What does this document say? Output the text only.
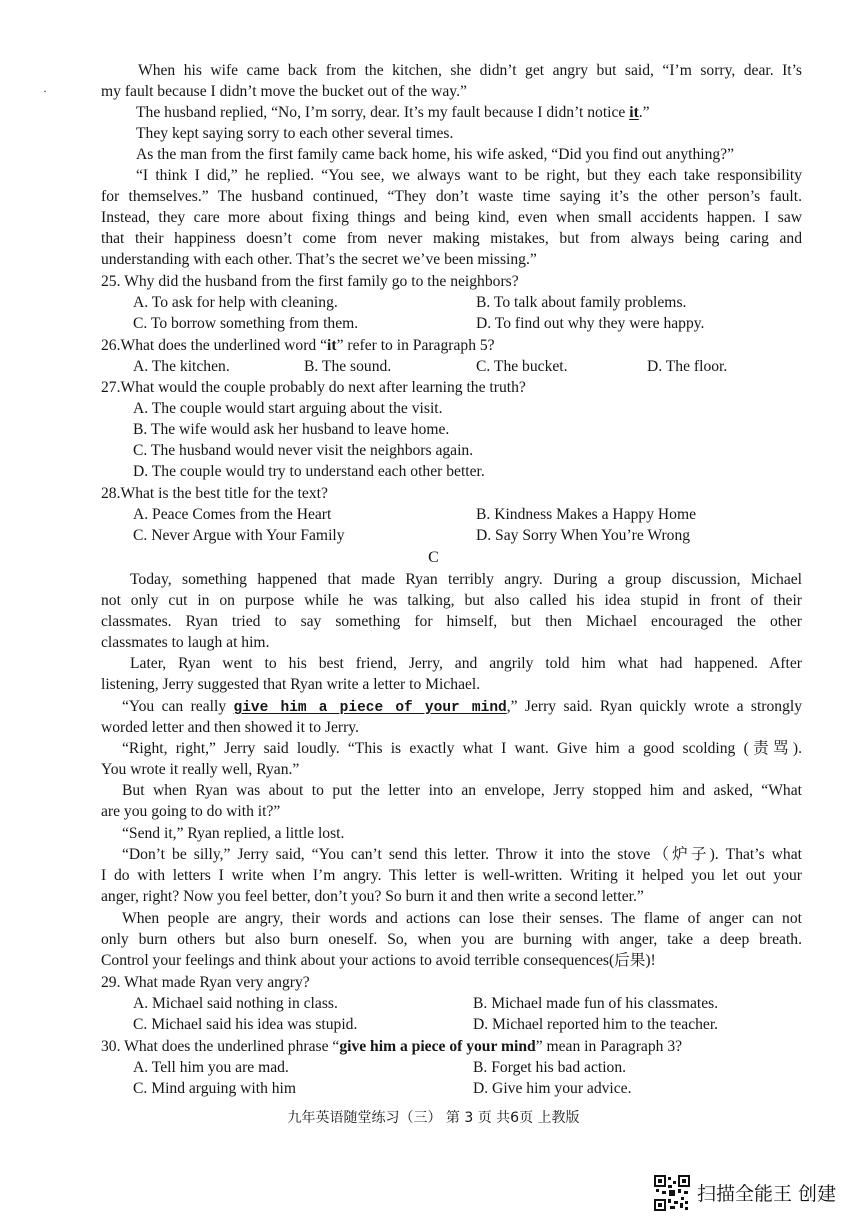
·
When his wife came back from the kitchen, she didn’t get angry but said, “I’m sorry, dear. It’s
my fault because I didn’t move the bucket out of the way.”
The husband replied, “No, I’m sorry, dear. It’s my fault because I didn’t notice it.”
They kept saying sorry to each other several times.
As the man from the first family came back home, his wife asked, “Did you find out anything?”
“I think I did,” he replied. “You see, we always want to be right, but they each take responsibility
for themselves.” The husband continued, “They don’t waste time saying it’s the other person’s fault.
Instead, they care more about fixing things and being kind, even when small accidents happen. I saw
that their happiness doesn’t come from never making mistakes, but from always being caring and
understanding with each other. That’s the secret we’ve been missing.”
25. Why did the husband from the first family go to the neighbors?
A. To ask for help with cleaning.	B. To talk about family problems.
C. To borrow something from them.	D. To find out why they were happy.
26.What does the underlined word “it” refer to in Paragraph 5?
A. The kitchen.	B. The sound.	C. The bucket.	D. The floor.
27.What would the couple probably do next after learning the truth?
A. The couple would start arguing about the visit.
B. The wife would ask her husband to leave home.
C. The husband would never visit the neighbors again.
D. The couple would try to understand each other better.
28.What is the best title for the text?
A. Peace Comes from the Heart	B. Kindness Makes a Happy Home
C. Never Argue with Your Family	D. Say Sorry When You’re Wrong
C
Today, something happened that made Ryan terribly angry. During a group discussion, Michael
not only cut in on purpose while he was talking, but also called his idea stupid in front of their
classmates. Ryan tried to say something for himself, but then Michael encouraged the other
classmates to laugh at him.
Later, Ryan went to his best friend, Jerry, and angrily told him what had happened. After
listening, Jerry suggested that Ryan write a letter to Michael.
“You can really give him a piece of your mind,” Jerry said. Ryan quickly wrote a strongly
worded letter and then showed it to Jerry.
“Right, right,” Jerry said loudly. “This is exactly what I want. Give him a good scolding (责骂).
You wrote it really well, Ryan.”
But when Ryan was about to put the letter into an envelope, Jerry stopped him and asked, “What
are you going to do with it?”
“Send it,” Ryan replied, a little lost.
“Don’t be silly,” Jerry said, “You can’t send this letter. Throw it into the stove（炉子). That’s what
I do with letters I write when I’m angry. This letter is well-written. Writing it helped you let out your
anger, right? Now you feel better, don’t you? So burn it and then write a second letter.”
When people are angry, their words and actions can lose their senses. The flame of anger can not
only burn others but also burn oneself. So, when you are burning with anger, take a deep breath.
Control your feelings and think about your actions to avoid terrible consequences(后果)!
29. What made Ryan very angry?
A. Michael said nothing in class.	B. Michael made fun of his classmates.
C. Michael said his idea was stupid.	D. Michael reported him to the teacher.
30. What does the underlined phrase “give him a piece of your mind” mean in Paragraph 3?
A. Tell him you are mad.	B. Forget his bad action.
C. Mind arguing with him	D. Give him your advice.
九年英语随堂练习（三） 第 3 页 共6页 上教版
扫描全能王 创建
